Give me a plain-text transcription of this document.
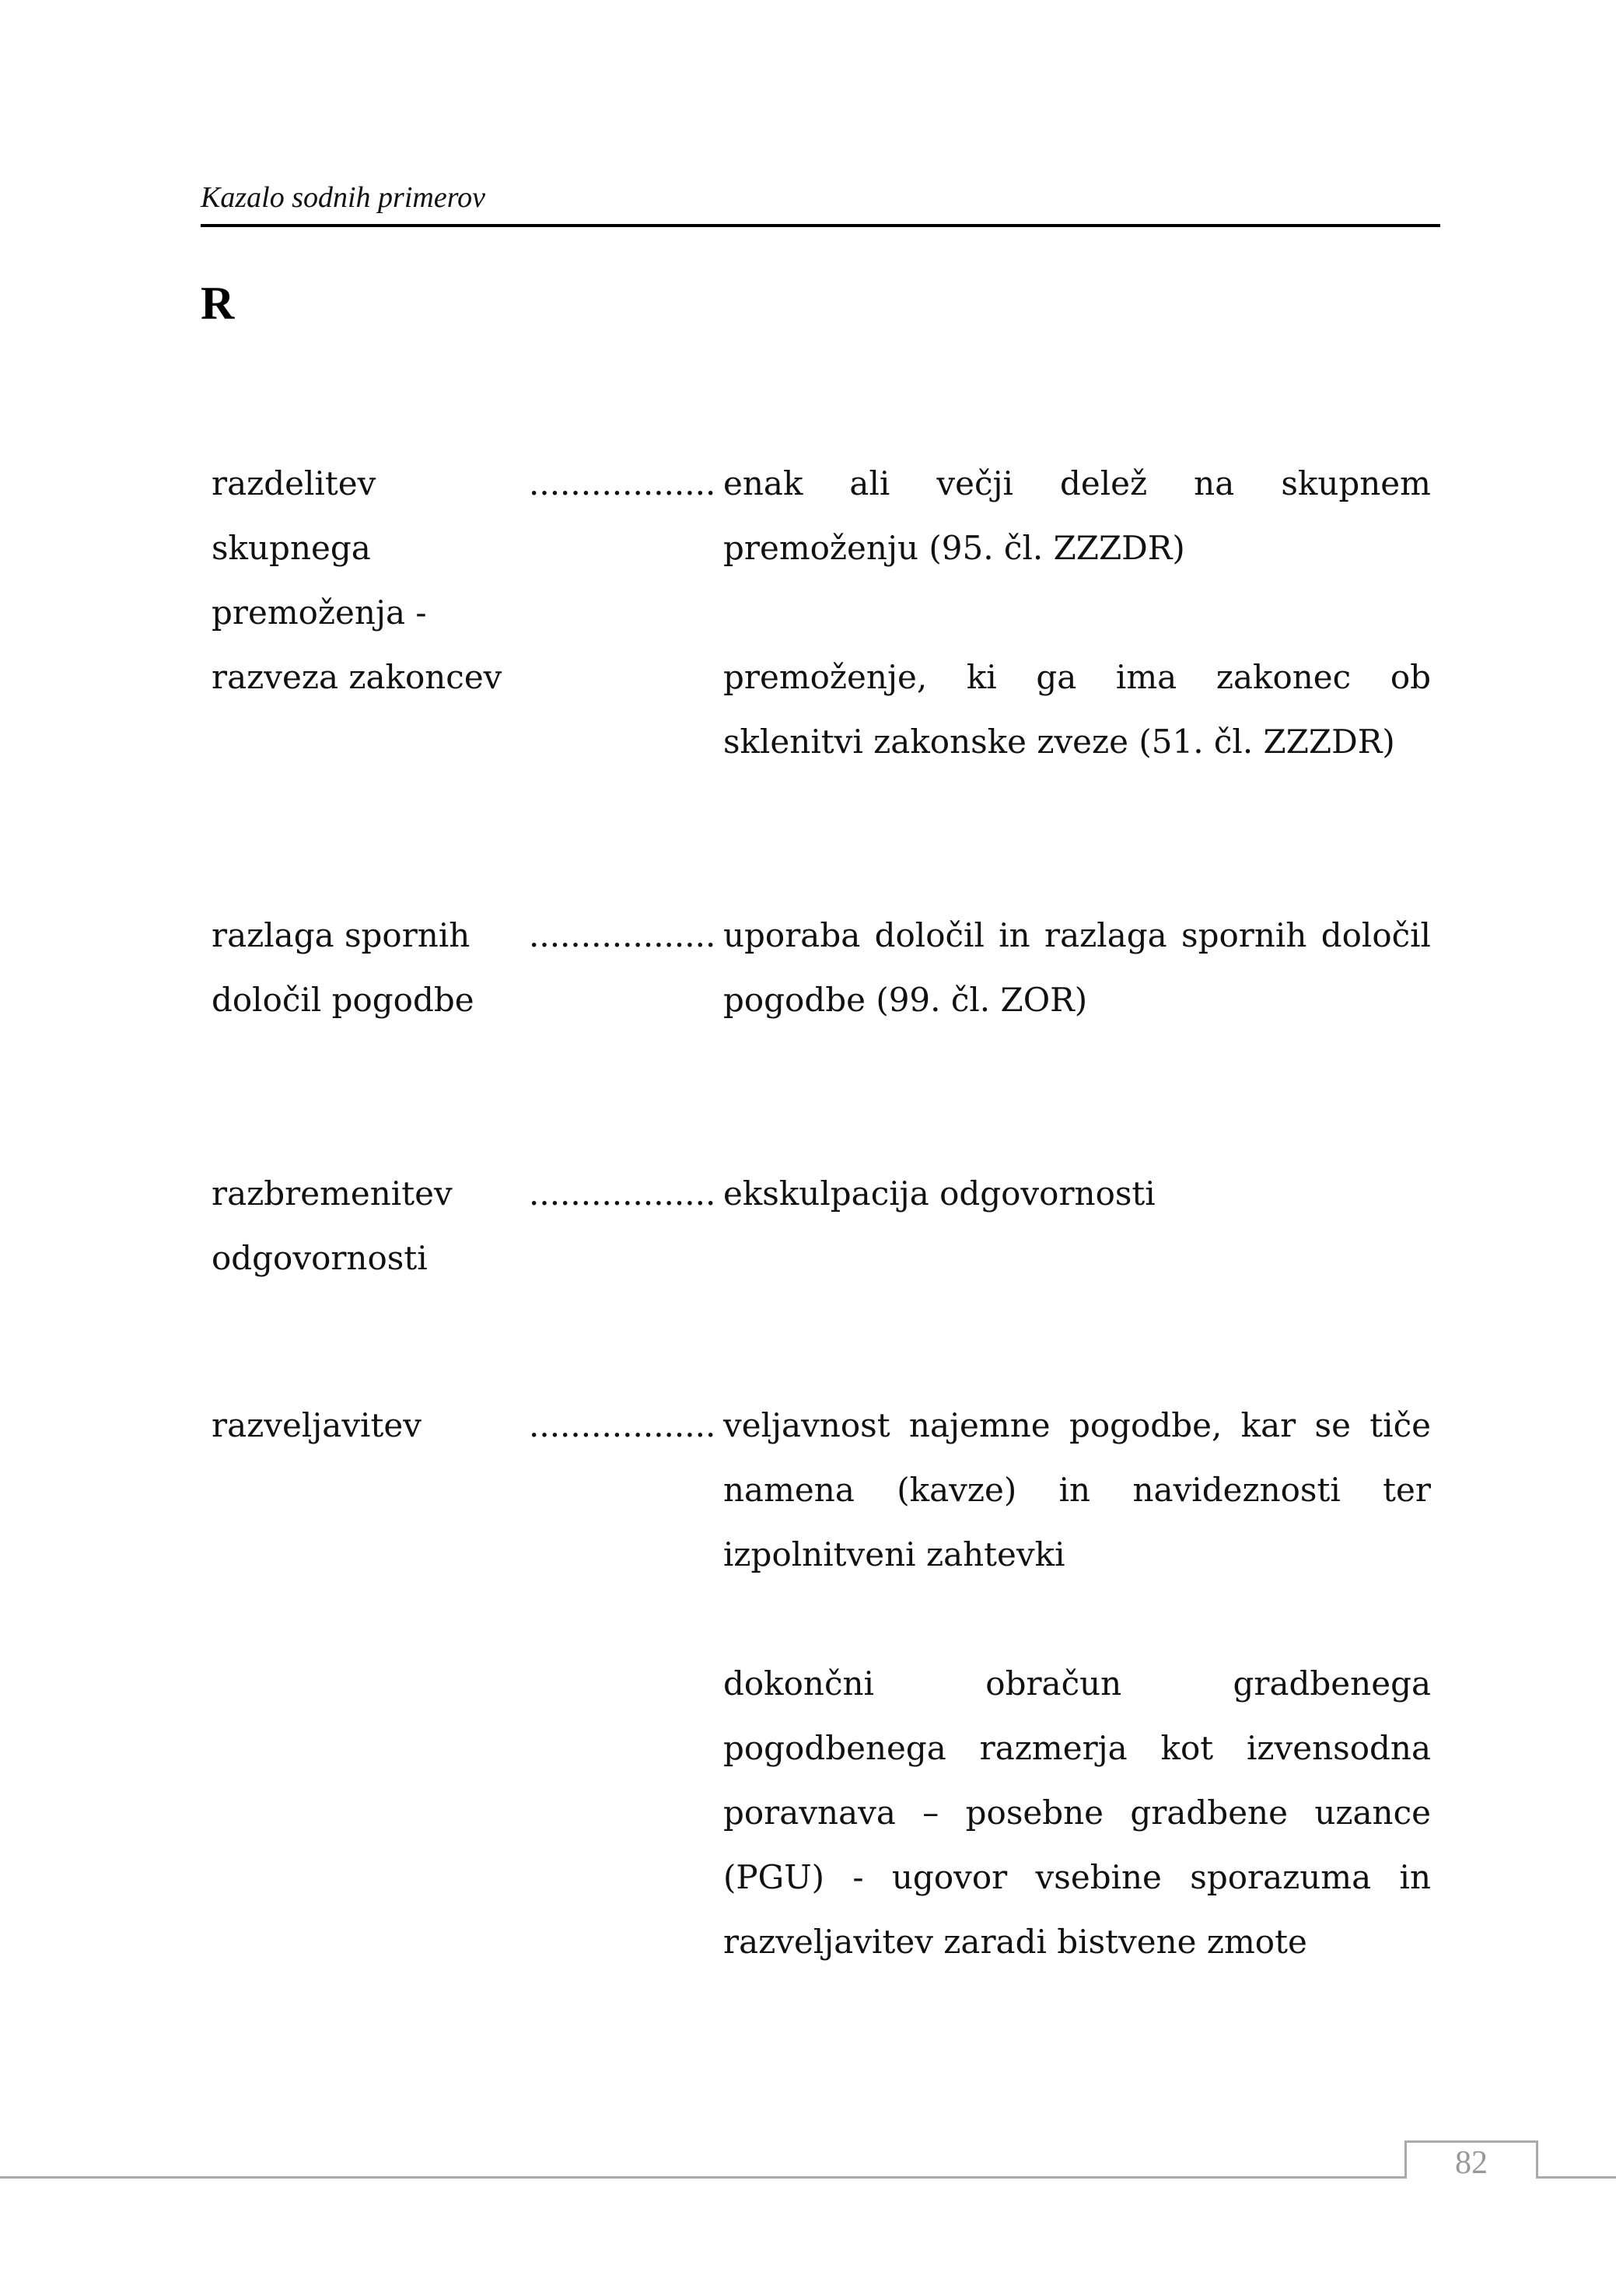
Kazalo sodnih primerov
R
razdelitev
skupnega
premoženja -
razveza zakoncev
.................. enak ali večji delež na skupnem premoženju (95. čl. ZZZDR)

premoženje, ki ga ima zakonec ob sklenitvi zakonske zveze (51. čl. ZZZDR)

razlaga spornih
določil pogodbe
.................. uporaba določil in razlaga spornih določil pogodbe (99. čl. ZOR)

razbremenitev
odgovornosti
.................. ekskulpacija odgovornosti

razveljavitev	.................. veljavnost najemne pogodbe, kar se tiče namena (kavze) in navideznosti ter izpolnitveni zahtevki

dokončni obračun gradbenega pogodbenega razmerja kot izvensodna poravnava – posebne gradbene uzance (PGU) - ugovor vsebine sporazuma in razveljavitev zaradi bistvene zmote

82
